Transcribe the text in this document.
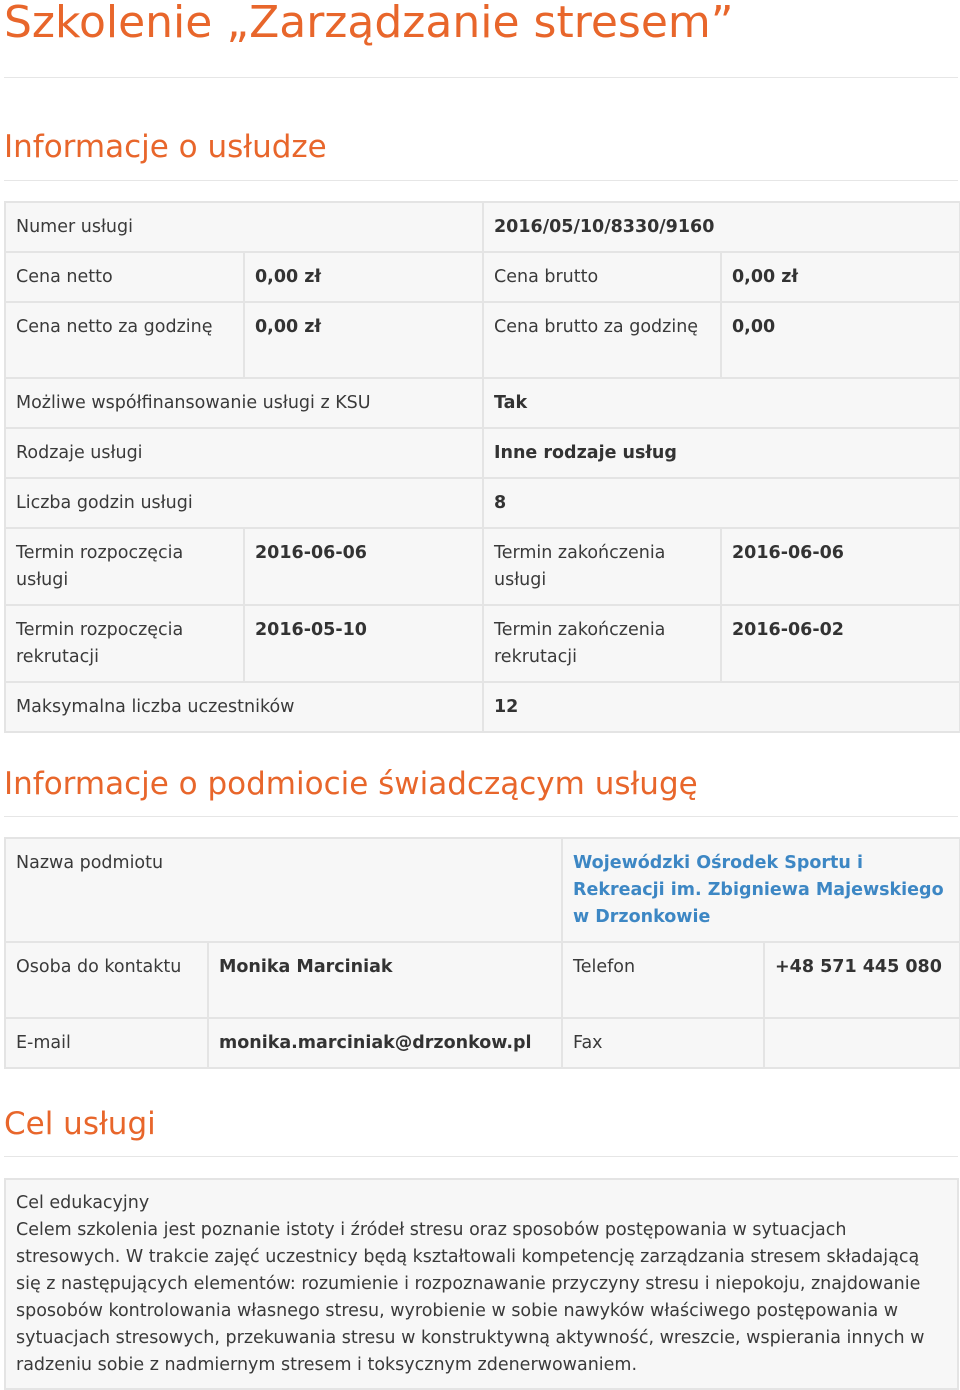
Szkolenie „Zarządzanie stresem”
Informacje o usłudze
Numer usługi		2016/05/10/8330/9160	
Cena netto	0,00 zł	Cena brutto	0,00 zł
Cena netto za godzinę	0,00 zł	Cena brutto za godzinę	0,00
Możliwe współfinansowanie usługi z KSU		Tak	
Rodzaje usługi		Inne rodzaje usług	
Liczba godzin usługi		8	
Termin rozpoczęcia usługi	2016-06-06	Termin zakończenia usługi	2016-06-06
Termin rozpoczęcia rekrutacji	2016-05-10	Termin zakończenia rekrutacji	2016-06-02
Maksymalna liczba uczestników		12	
Informacje o podmiocie świadczącym usługę
Nazwa podmiotu		Wojewódzki Ośrodek Sportu i Rekreacji im. Zbigniewa Majewskiego w Drzonkowie	
Osoba do kontaktu	Monika Marciniak	Telefon	+48 571 445 080
E-mail	monika.marciniak@drzonkow.pl	Fax	
Cel usługi

Cel edukacyjny

Celem szkolenia jest poznanie istoty i źródeł stresu oraz sposobów postępowania w sytuacjach stresowych. W trakcie zajęć uczestnicy będą kształtowali kompetencję zarządzania stresem składającą się z następujących elementów: rozumienie i rozpoznawanie przyczyny stresu i niepokoju, znajdowanie sposobów kontrolowania własnego stresu, wyrobienie w sobie nawyków właściwego postępowania w sytuacjach stresowych, przekuwania stresu w konstruktywną aktywność, wreszcie, wspierania innych w radzeniu sobie z nadmiernym stresem i toksycznym zdenerwowaniem.
